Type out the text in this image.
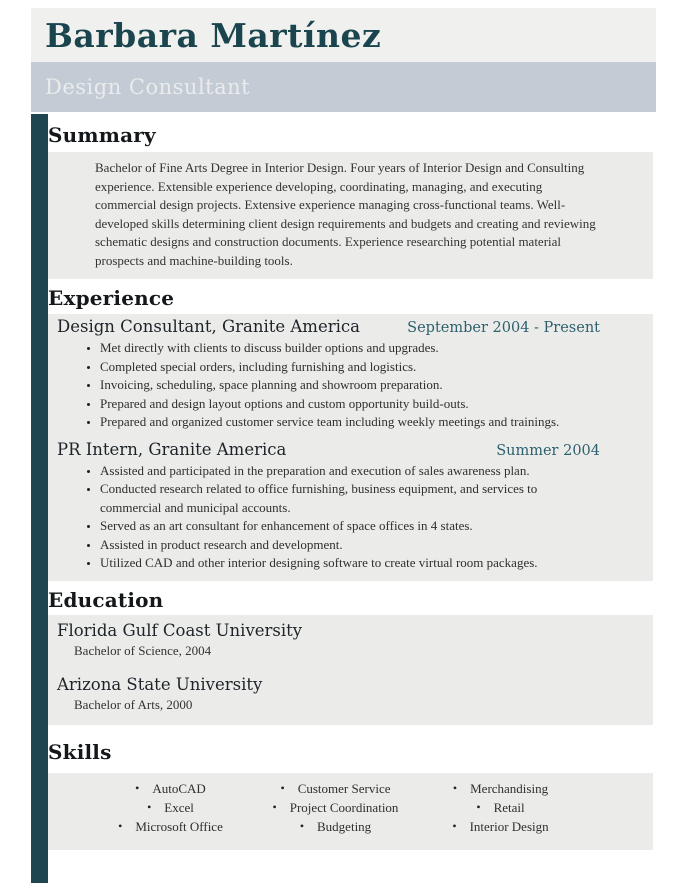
Barbara Martínez
Design Consultant
Summary

Bachelor of Fine Arts Degree in Interior Design. Four years of Interior Design and Consulting experience. Extensible experience developing, coordinating, managing, and executing commercial design projects. Extensive experience managing cross-functional teams. Well-developed skills determining client design requirements and budgets and creating and reviewing schematic designs and construction documents. Experience researching potential material prospects and machine-building tools.

Experience
Design Consultant, Granite America	September 2004 - Present
• Met directly with clients to discuss builder options and upgrades.
• Completed special orders, including furnishing and logistics.
• Invoicing, scheduling, space planning and showroom preparation.
• Prepared and design layout options and custom opportunity build-outs.
• Prepared and organized customer service team including weekly meetings and trainings.
PR Intern, Granite America	Summer 2004
• Assisted and participated in the preparation and execution of sales awareness plan.
• Conducted research related to office furnishing, business equipment, and services to commercial and municipal accounts.
• Served as an art consultant for enhancement of space offices in 4 states.
• Assisted in product research and development.
• Utilized CAD and other interior designing software to create virtual room packages.
Education
Florida Gulf Coast University
Bachelor of Science, 2004
Arizona State University
Bachelor of Arts, 2000
Skills
• AutoCAD	• Customer Service	• Merchandising
• Excel	• Project Coordination	• Retail
• Microsoft Office	• Budgeting	• Interior Design
